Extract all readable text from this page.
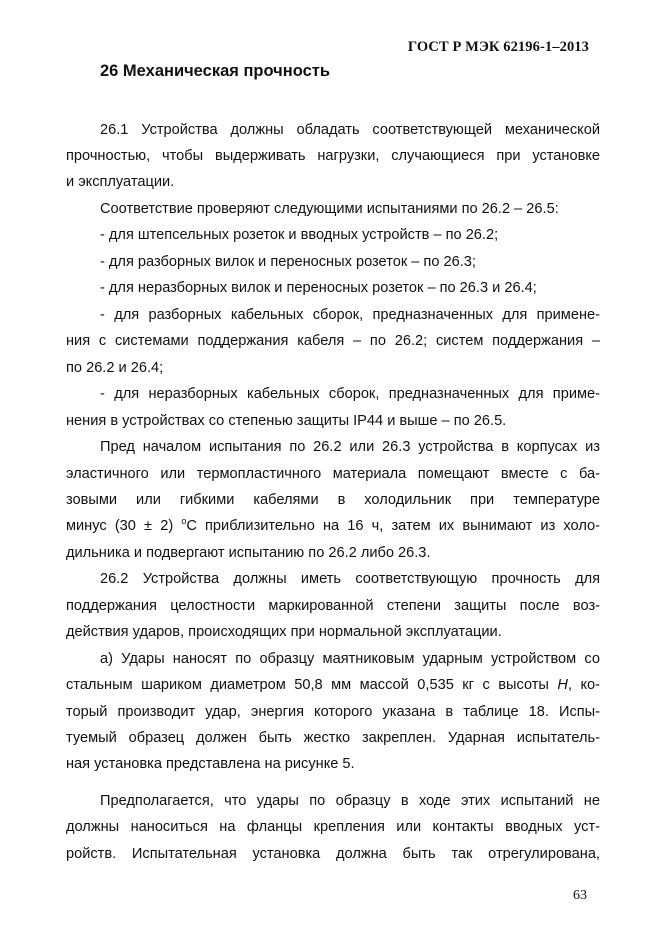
ГОСТ Р МЭК 62196-1–2013
26 Механическая прочность
26.1 Устройства должны обладать соответствующей механической
прочностью, чтобы выдерживать нагрузки, случающиеся при установке
и эксплуатации.
Соответствие проверяют следующими испытаниями по 26.2 – 26.5:
- для штепсельных розеток и вводных устройств – по 26.2;
- для разборных вилок и переносных розеток – по 26.3;
- для неразборных вилок и переносных розеток – по 26.3 и 26.4;
- для разборных кабельных сборок, предназначенных для примене-
ния с системами поддержания кабеля – по 26.2; систем поддержания –
по 26.2 и 26.4;
- для неразборных кабельных сборок, предназначенных для приме-
нения в устройствах со степенью защиты IP44 и выше – по 26.5.
Пред началом испытания по 26.2 или 26.3 устройства в корпусах из
эластичного или термопластичного материала помещают вместе с ба-
зовыми или гибкими кабелями в холодильник при температуре
минус (30 ± 2) $^о$С приблизительно на 16 ч, затем их вынимают из холо-
дильника и подвергают испытанию по 26.2 либо 26.3.
26.2 Устройства должны иметь соответствующую прочность для
поддержания целостности маркированной степени защиты после воз-
действия ударов, происходящих при нормальной эксплуатации.
а) Удары наносят по образцу маятниковым ударным устройством со
стальным шариком диаметром 50,8 мм массой 0,535 кг с высоты Н, ко-
торый производит удар, энергия которого указана в таблице 18. Испы-
туемый образец должен быть жестко закреплен. Ударная испытатель-
ная установка представлена на рисунке 5.
Предполагается, что удары по образцу в ходе этих испытаний не
должны наноситься на фланцы крепления или контакты вводных уст-
ройств. Испытательная установка должна быть так отрегулирована,
63
